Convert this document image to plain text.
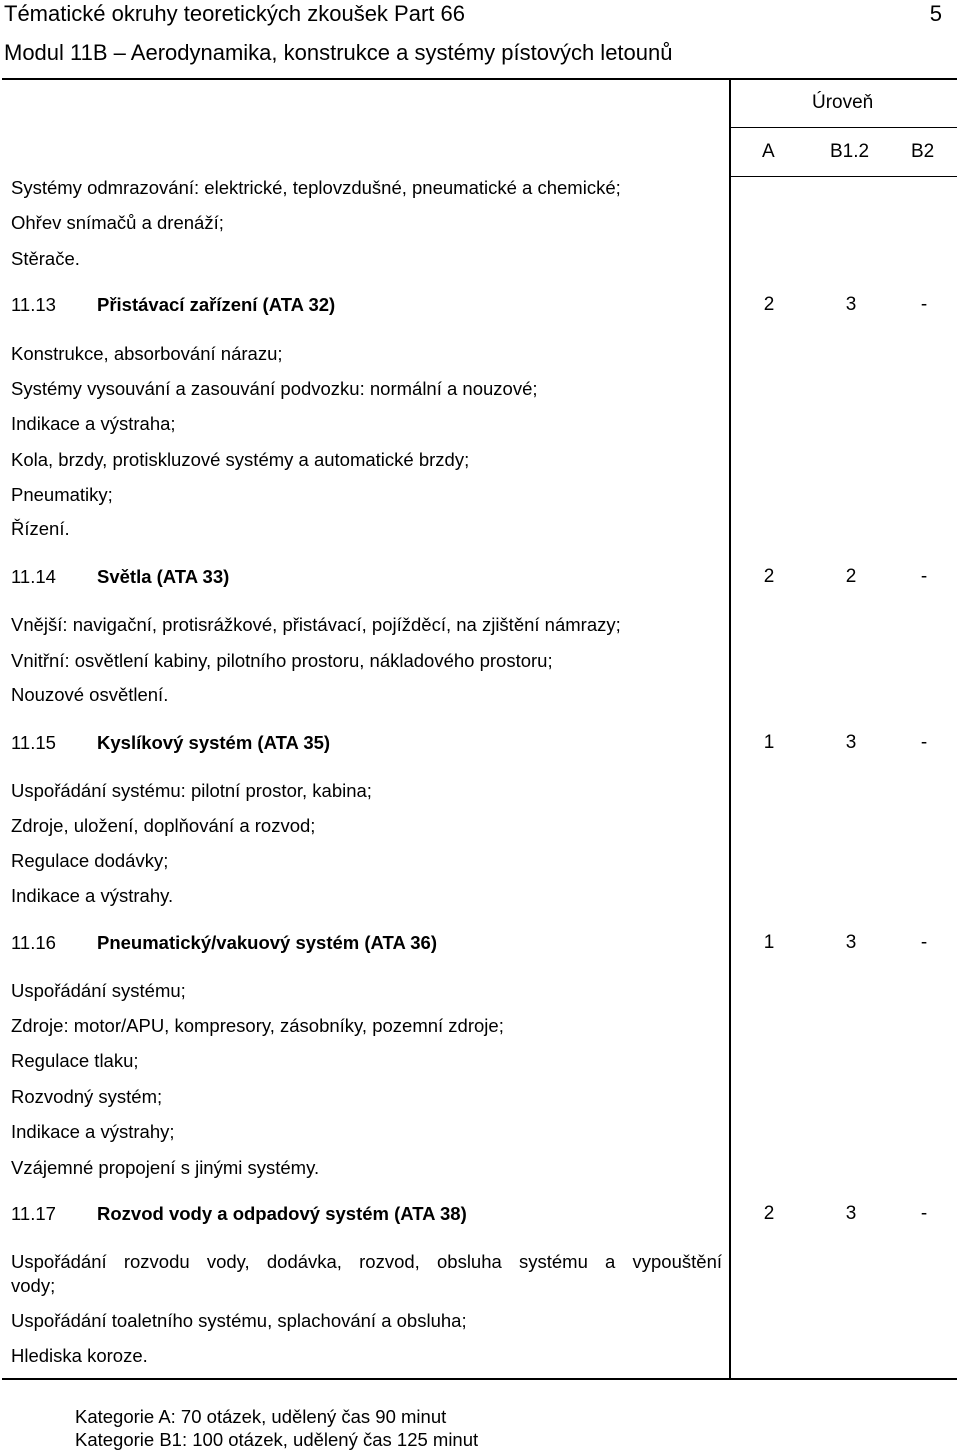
Tématické okruhy teoretických zkoušek Part 66	5
Modul 11B – Aerodynamika, konstrukce a systémy pístových letounů
Úroveň
A	B1.2 B2
Systémy odmrazování: elektrické, teplovzdušné, pneumatické a chemické;
Ohřev snímačů a drenáží;
Stěrače.
11.13 Přistávací zařízení (ATA 32)	2	3	-
Konstrukce, absorbování nárazu;
Systémy vysouvání a zasouvání podvozku: normální a nouzové;
Indikace a výstraha;
Kola, brzdy, protiskluzové systémy a automatické brzdy;
Pneumatiky;
Řízení.
11.14 Světla (ATA 33)	2	2	-
Vnější: navigační, protisrážkové, přistávací, pojížděcí, na zjištění námrazy;
Vnitřní: osvětlení kabiny, pilotního prostoru, nákladového prostoru;
Nouzové osvětlení.
11.15 Kyslíkový systém (ATA 35)	1	3	-
Uspořádání systému: pilotní prostor, kabina;
Zdroje, uložení, doplňování a rozvod;
Regulace dodávky;
Indikace a výstrahy.
11.16 Pneumatický/vakuový systém (ATA 36)	1	3	-
Uspořádání systému;
Zdroje: motor/APU, kompresory, zásobníky, pozemní zdroje;
Regulace tlaku;
Rozvodný systém;
Indikace a výstrahy;
Vzájemné propojení s jinými systémy.
11.17 Rozvod vody a odpadový systém (ATA 38)	2	3	-
Uspořádání rozvodu vody, dodávka, rozvod, obsluha systému a vypouštění
vody;
Uspořádání toaletního systému, splachování a obsluha;
Hlediska koroze.
Kategorie A: 70 otázek, udělený čas 90 minut
Kategorie B1: 100 otázek, udělený čas 125 minut
